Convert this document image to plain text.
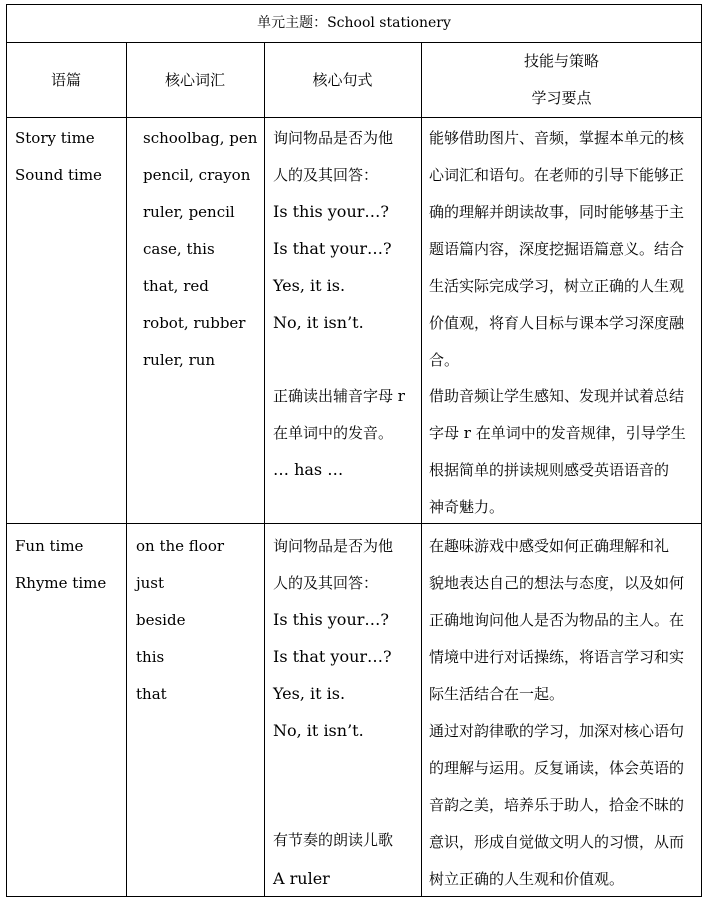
单元主题：School stationery
语篇	核心词汇	核心句式
技能与策略
学习要点
Story time
Sound time
schoolbag, pen
pencil, crayon
ruler, pencil
case, this
that, red
robot, rubber
ruler, run
询问物品是否为他
人的及其回答：
Is this your…?
Is that your…?
Yes, it is.
No, it isn’t.
正确读出辅音字母 r
在单词中的发音。
… has …
能够借助图片、音频，掌握本单元的核
心词汇和语句。在老师的引导下能够正
确的理解并朗读故事，同时能够基于主
题语篇内容，深度挖掘语篇意义。结合
生活实际完成学习，树立正确的人生观
价值观，将育人目标与课本学习深度融
合。
借助音频让学生感知、发现并试着总结
字母 r 在单词中的发音规律，引导学生
根据简单的拼读规则感受英语语音的
神奇魅力。
Fun time
Rhyme time
on the floor
just
beside
this
that
询问物品是否为他
人的及其回答：
Is this your…?
Is that your…?
Yes, it is.
No, it isn’t.
有节奏的朗读儿歌
A ruler
在趣味游戏中感受如何正确理解和礼
貌地表达自己的想法与态度，以及如何
正确地询问他人是否为物品的主人。在
情境中进行对话操练，将语言学习和实
际生活结合在一起。
通过对韵律歌的学习，加深对核心语句
的理解与运用。反复诵读，体会英语的
音韵之美，培养乐于助人，拾金不昧的
意识，形成自觉做文明人的习惯，从而
树立正确的人生观和价值观。
